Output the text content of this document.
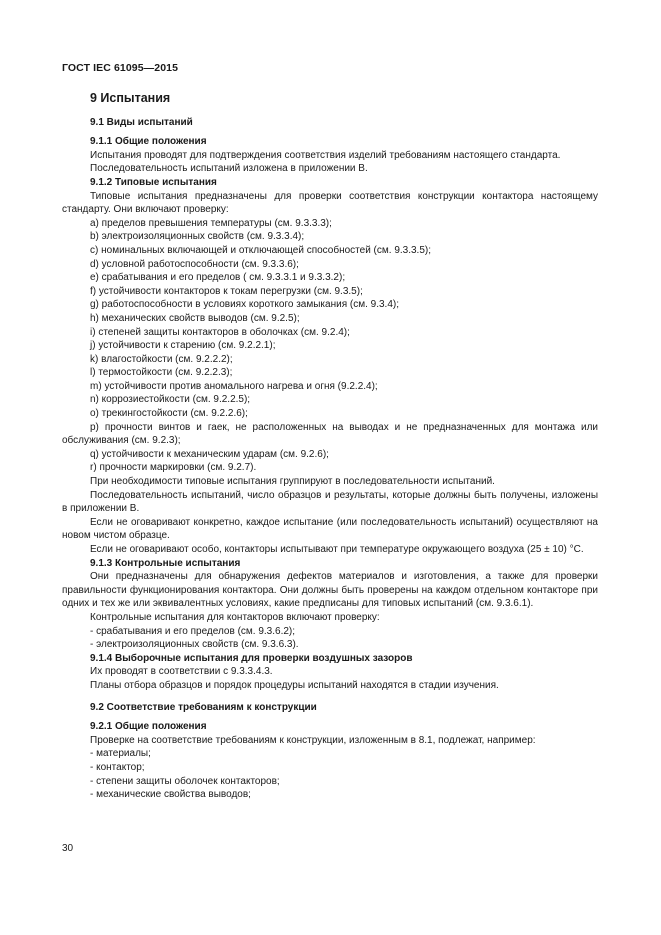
ГОСТ IEC 61095—2015
9 Испытания
9.1 Виды испытаний
9.1.1 Общие положения

Испытания проводят для подтверждения соответствия изделий требованиям настоящего стандарта.

Последовательность испытаний изложена в приложении В.

9.1.2 Типовые испытания

Типовые испытания предназначены для проверки соответствия конструкции контактора настоящему стандарту. Они включают проверку:

a) пределов превышения температуры (см. 9.3.3.3);

b) электроизоляционных свойств (см. 9.3.3.4);

c) номинальных включающей и отключающей способностей (см. 9.3.3.5);

d) условной работоспособности (см. 9.3.3.6);

e) срабатывания и его пределов ( см. 9.3.3.1 и 9.3.3.2);

f) устойчивости контакторов к токам перегрузки (см. 9.3.5);

g) работоспособности в условиях короткого замыкания (см. 9.3.4);

h) механических свойств выводов (см. 9.2.5);

i) степеней защиты контакторов в оболочках (см. 9.2.4);

j) устойчивости к старению (см. 9.2.2.1);

k) влагостойкости (см. 9.2.2.2);

l) термостойкости (см. 9.2.2.3);

m) устойчивости против аномального нагрева и огня (9.2.2.4);

n) коррозиестойкости (см. 9.2.2.5);

o) трекингостойкости (см. 9.2.2.6);

p) прочности винтов и гаек, не расположенных на выводах и не предназначенных для монтажа или обслуживания (см. 9.2.3);

q) устойчивости к механическим ударам (см. 9.2.6);

r) прочности маркировки (см. 9.2.7).

При необходимости типовые испытания группируют в последовательности испытаний.

Последовательность испытаний, число образцов и результаты, которые должны быть получены, изложены в приложении В.

Если не оговаривают конкретно, каждое испытание (или последовательность испытаний) осуществляют на новом чистом образце.

Если не оговаривают особо, контакторы испытывают при температуре окружающего воздуха (25 ± 10) °С.

9.1.3 Контрольные испытания

Они предназначены для обнаружения дефектов материалов и изготовления, а также для проверки правильности функционирования контактора. Они должны быть проверены на каждом отдельном контакторе при одних и тех же или эквивалентных условиях, какие предписаны для типовых испытаний (см. 9.3.6.1).

Контрольные испытания для контакторов включают проверку:

- срабатывания и его пределов (см. 9.3.6.2);

- электроизоляционных свойств (см. 9.3.6.3).

9.1.4 Выборочные испытания для проверки воздушных зазоров

Их проводят в соответствии с 9.3.3.4.3.

Планы отбора образцов и порядок процедуры испытаний находятся в стадии изучения.

9.2 Соответствие требованиям к конструкции
9.2.1 Общие положения

Проверке на соответствие требованиям к конструкции, изложенным в 8.1, подлежат, например:

- материалы;

- контактор;

- степени защиты оболочек контакторов;

- механические свойства выводов;

30
